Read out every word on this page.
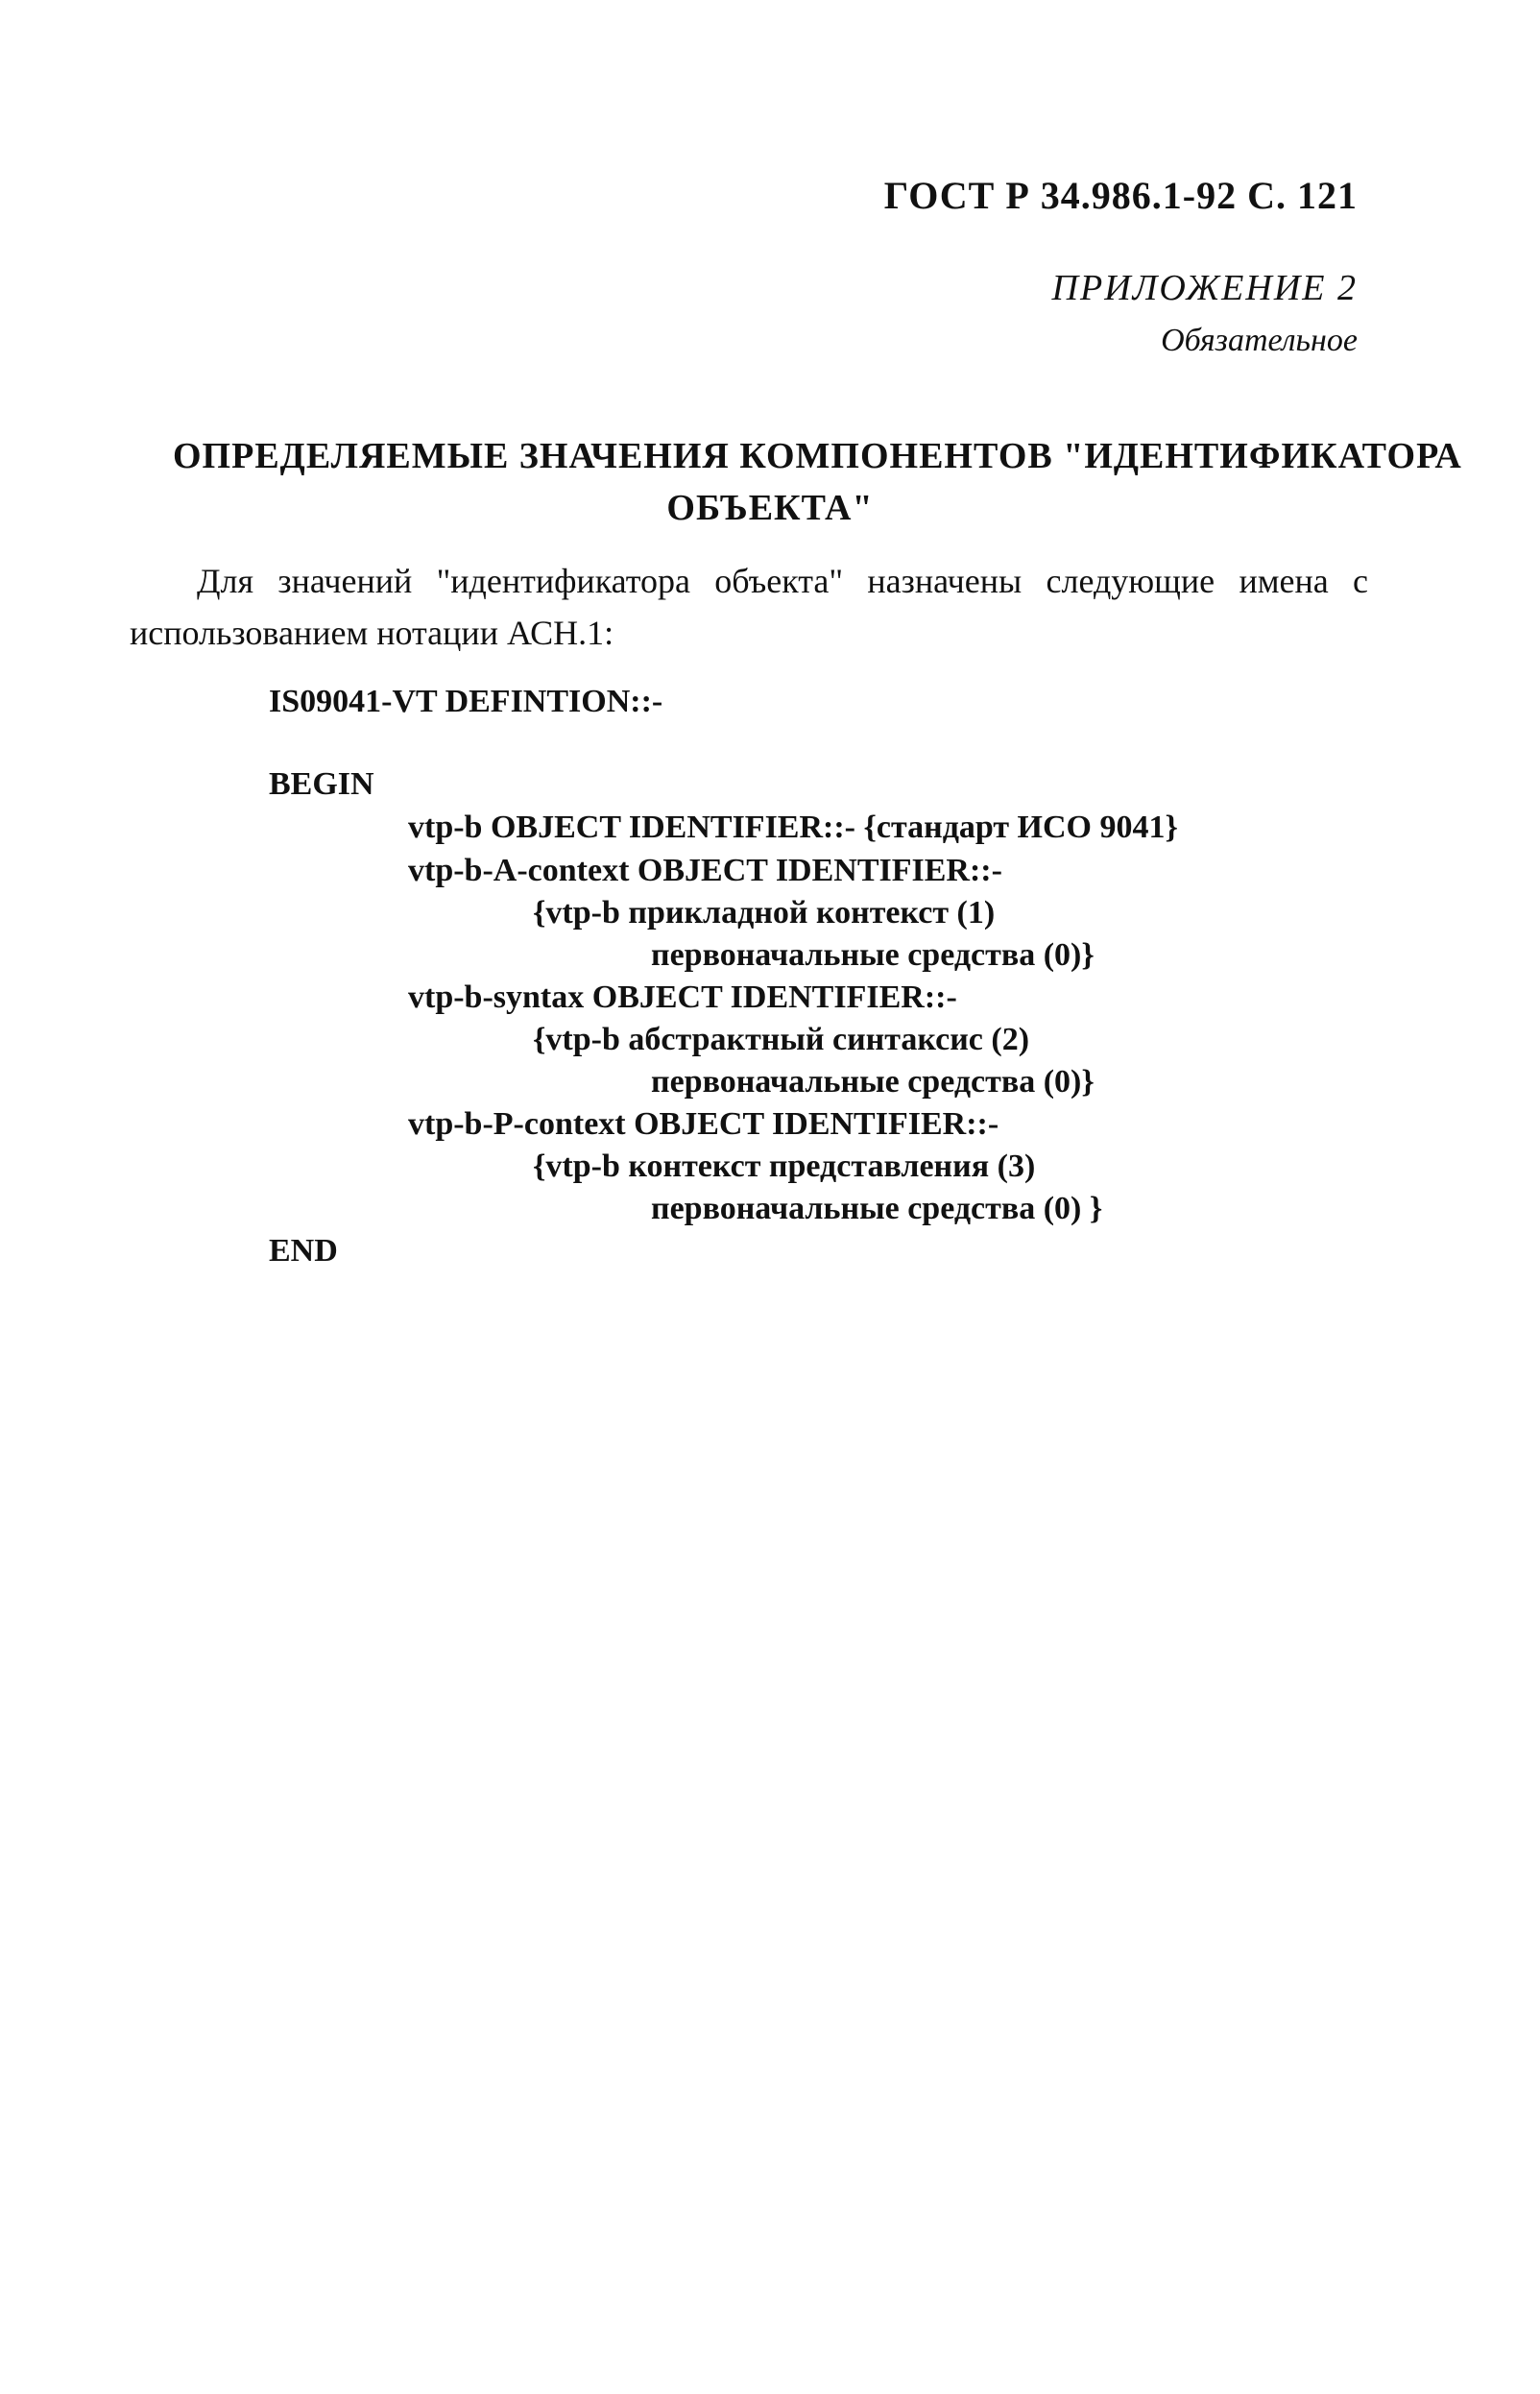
ГОСТ Р 34.986.1-92 С. 121
ПРИЛОЖЕНИЕ 2
Обязательное
ОПРЕДЕЛЯЕМЫЕ ЗНАЧЕНИЯ КОМПОНЕНТОВ "ИДЕНТИФИКАТОРА
ОБЪЕКТА"
Для значений "идентификатора объекта" назначены следующие имена с
использованием нотации АСН.1:
IS09041-VT DEFINTION::-
BEGIN
vtp-b OBJECT IDENTIFIER::- {стандарт ИСО 9041}
vtp-b-A-context OBJECT IDENTIFIER::-
{vtp-b прикладной контекст (1)
первоначальные средства (0)}
vtp-b-syntax OBJECT IDENTIFIER::-
{vtp-b абстрактный синтаксис (2)
первоначальные средства (0)}
vtp-b-P-context OBJECT IDENTIFIER::-
{vtp-b контекст представления (3)
первоначальные средства (0) }
END
